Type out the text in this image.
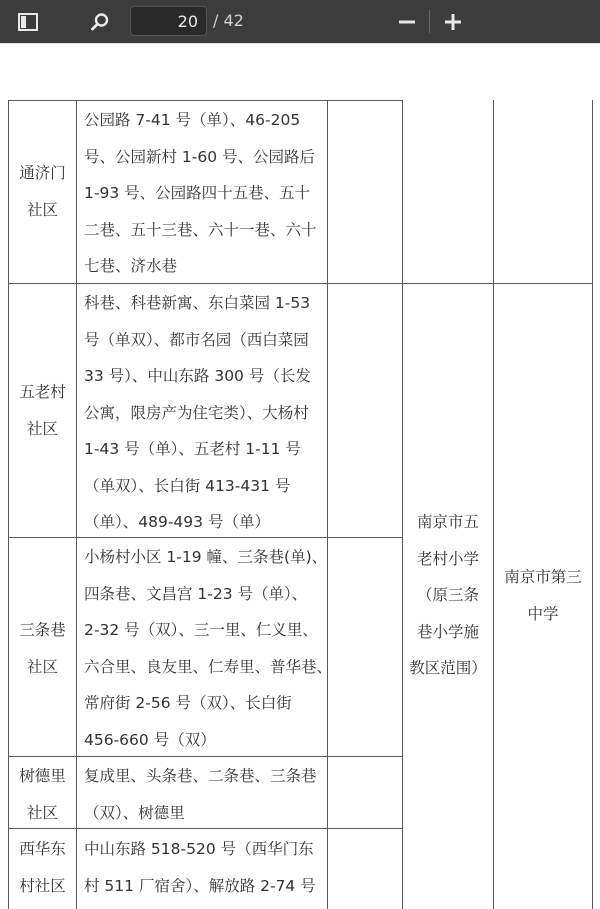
20
/ 42
通济门
社区
公园路 7-41 号（单）、46-205
号、公园新村 1-60 号、公园路后
1-93 号、公园路四十五巷、五十
二巷、五十三巷、六十一巷、六十
七巷、济水巷
五老村
社区
科巷、科巷新寓、东白菜园 1-53
号（单双）、都市名园（西白菜园
33 号）、中山东路 300 号（长发
公寓，限房产为住宅类）、大杨村
1-43 号（单）、五老村 1-11 号
（单双）、长白街 413-431 号
（单）、489-493 号（单）
三条巷
社区
小杨村小区 1-19 幢、三条巷(单)、
四条巷、文昌宫 1-23 号（单）、
2-32 号（双）、三一里、仁义里、
六合里、良友里、仁寿里、普华巷、
常府街 2-56 号（双）、长白街
456-660 号（双）
树德里
社区
复成里、头条巷、二条巷、三条巷
（双）、树德里
西华东
村社区
中山东路 518-520 号（西华门东
村 511 厂宿舍）、解放路 2-74 号
南京市五
老村小学
（原三条
巷小学施
教区范围）
南京市第三
中学
